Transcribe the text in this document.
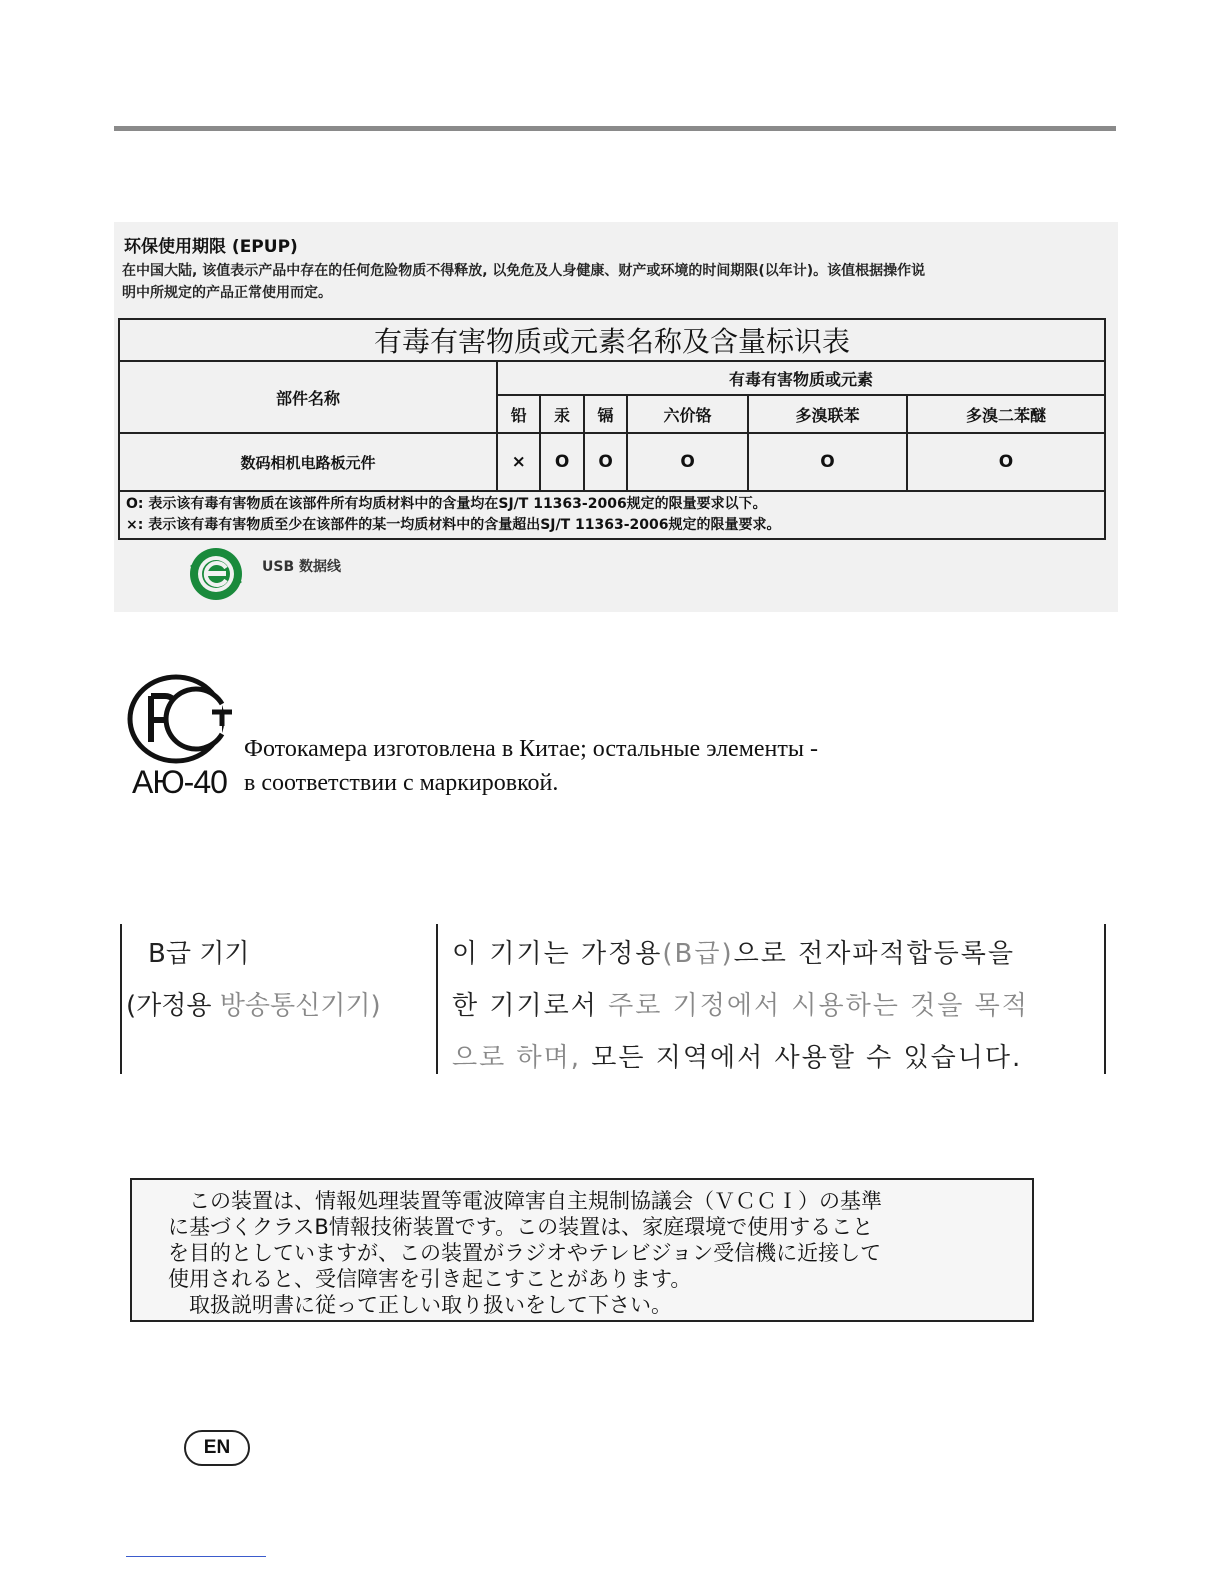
环保使用期限 (EPUP)
在中国大陆, 该值表示产品中存在的任何危险物质不得释放, 以免危及人身健康、财产或环境的时间期限(以年计)。该值根据操作说
明中所规定的产品正常使用而定。
有毒有害物质或元素名称及含量标识表						
部件名称	有毒有害物质或元素					
	铅	汞	镉	六价铬	多溴联苯	多溴二苯醚
数码相机电路板元件	×	O	O	O	O	O

O: 表示该有毒有害物质在该部件所有均质材料中的含量均在SJ/T 11363-2006规定的限量要求以下。
×: 表示该有毒有害物质至少在该部件的某一均质材料中的含量超出SJ/T 11363-2006规定的限量要求。						
USB 数据线
АЮ-40
Фотокамера изготовлена в Китае; остальные элементы -
в соответствии с маркировкой.
B급 기기
(가정용 방송통신기기)
이 기기는 가정용(B급)으로 전자파적합등록을
한 기기로서 주로 기정에서 시용하는 것을 목적
으로 하며, 모든 지역에서 사용할 수 있습니다.

　この装置は、情報処理装置等電波障害自主規制協議会（ＶＣＣＩ）の基準
に基づくクラスB情報技術装置です。この装置は、家庭環境で使用すること
を目的としていますが、この装置がラジオやテレビジョン受信機に近接して
使用されると、受信障害を引き起こすことがあります。
　取扱説明書に従って正しい取り扱いをして下さい。

EN
